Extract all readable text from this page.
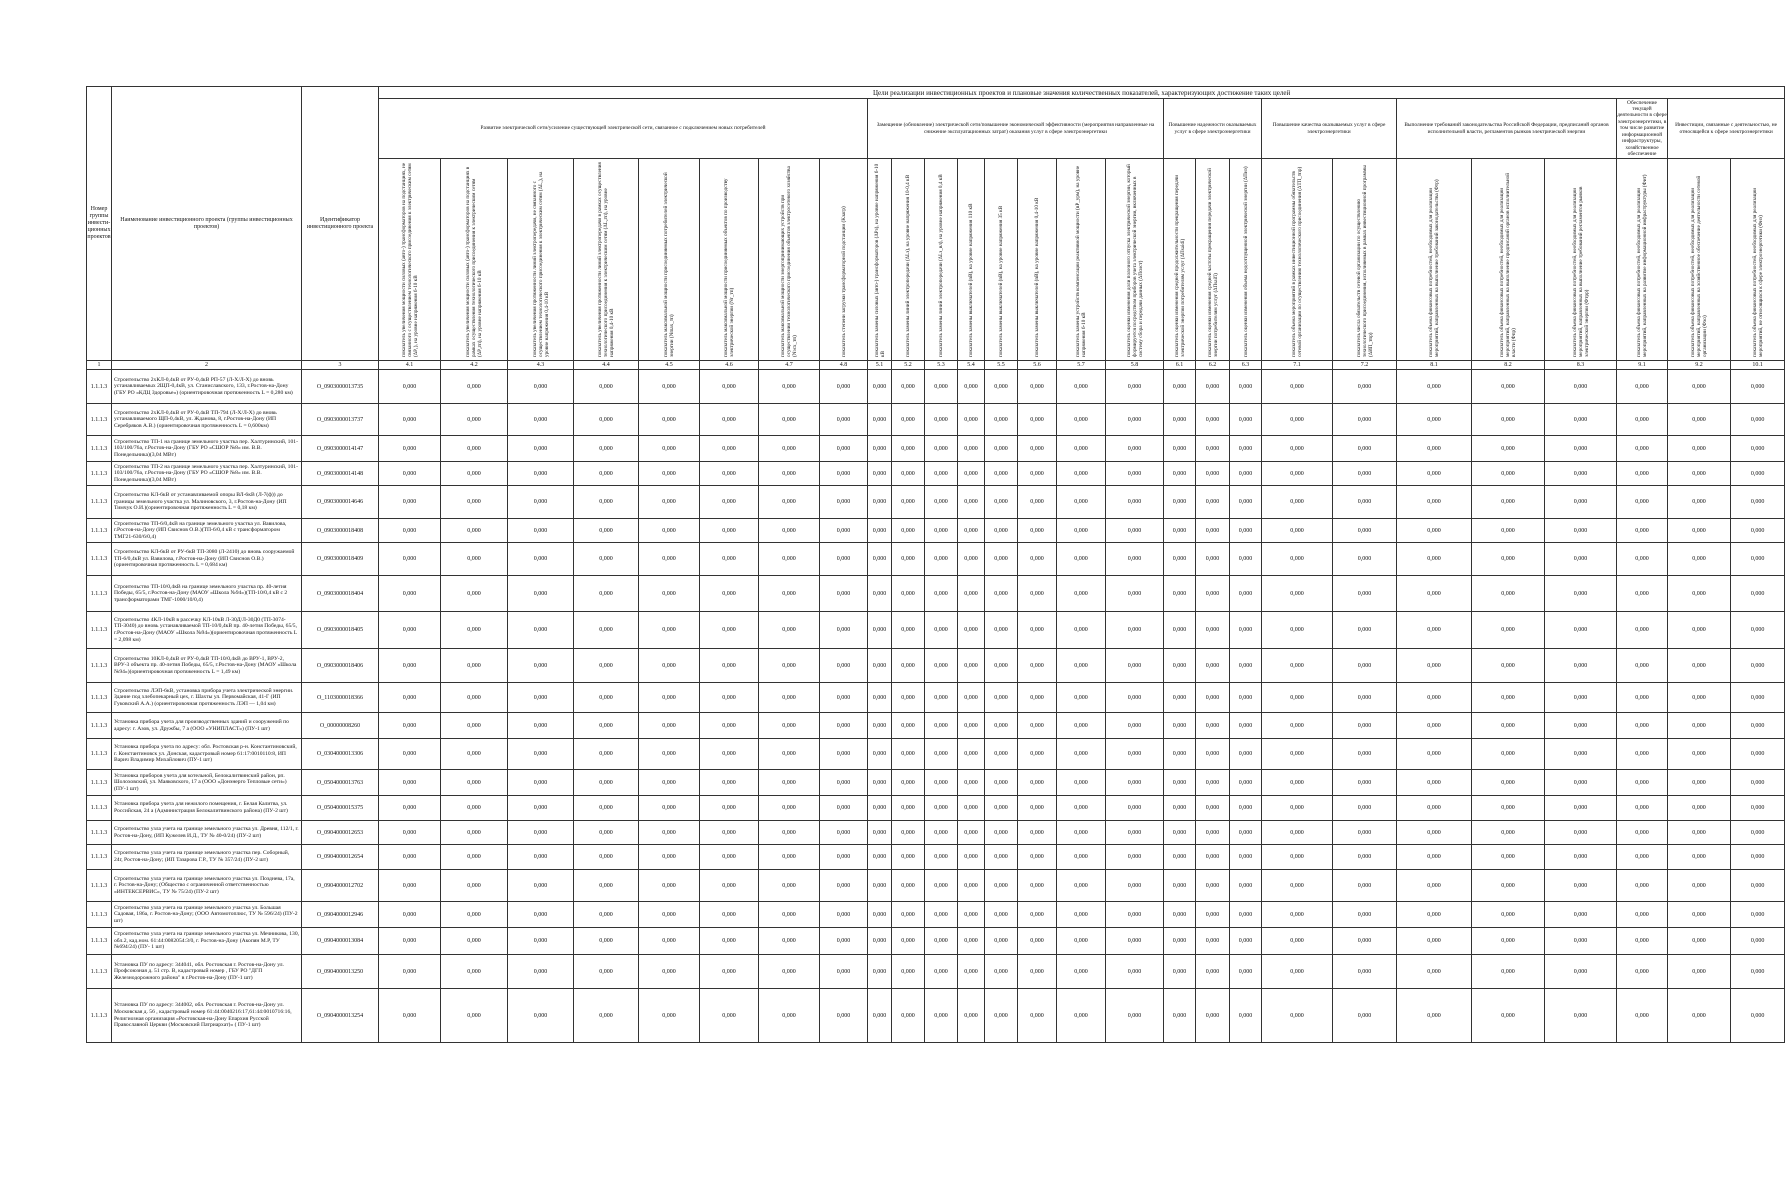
Номер группы инвести-ционных проектов	Наименование инвестиционного проекта (группы инвестиционных проектов)	Идентификатор инвестиционного проекта	Цели реализации инвестиционных проектов и плановые значения количественных показателей, характеризующих достижение таких целей																										
			Развитие электрической сети/усиление существующей электрической сети, связанное с подключением новых потребителей								Замещение (обновление) электрической сети/повышение экономической эффективности (мероприятия направленные на снижение эксплуатационных затрат) оказания услуг в сфере электроэнергетики								Повышение надежности оказываемых услуг в сфере электроэнергетики			Повышение качества оказываемых услуг в сфере электроэнергетики		Выполнение требований законодательства Российской Федерации, предписаний органов исполнительной власти, регламентов рынков электрической энергии			Обеспечение текущей деятельности в сфере электроэнергетики, в том числе развитие информационной инфраструктуры, хозяйственное обеспечение	Инвестиции, связанные с деятельностью, не относящейся к сфере электроэнергетики	

			показатель увеличения мощности силовых (авто-) трансформаторов на подстанциях, не связанного с осуществлением технологического присоединения к электрическим сетям (ΔP₁), на уровне напряжения 6-10 кВ	показатель увеличения мощности силовых (авто-) трансформаторов на подстанциях в рамках осуществления технологического присоединения к электрическим сетям (ΔP₂тп), на уровне напряжения 6-10 кВ	показатель увеличения протяженности линий электропередачи, не связанного с осуществлением технологического присоединения к электрическим сетям (ΔL₁), на уровне напряжения 0,4-10 кВ	показатель увеличения протяженности линий электропередачи в рамках осуществления технологического присоединения к электрическим сетям (ΔL₂тп), на уровне напряжения 0,4-10 кВ	показатель максимальной мощности присоединяемых потребителей электрической энергии (Nmax_тп)	показатель максимальной мощности присоединяемых объектов по производству электрической энергии (Nг_тп)	показатель максимальной мощности энергопринимающих устройств при осуществлении технологического присоединения объектов электросетевого хозяйства (Nэсх_тп)	показатель степени загрузки трансформаторной подстанции (Kзагр)	показатель замены силовых (авто-) трансформаторов (ΔPз), на уровне напряжения 6-10 кВ	показатель замены линий электропередачи (ΔLз), на уровне напряжения 10-0,4 кВ	показатель замены линий электропередачи (ΔLз_вл), на уровне напряжения 0,4 кВ	показатель замены выключателей (nВ), на уровне напряжения 110 кВ	показатель замены выключателей (nВ), на уровне напряжения 35 кВ	показатель замены выключателей (nВ), на уровне напряжения 0,4-10 кВ	показатель замены устройств компенсации реактивной мощности (nР_урм), на уровне напряжения 6-10 кВ	показатель оценки изменения доли полезного отпуска электрической энергии, который формируется посредством приборов учета электрической энергии, включенных в систему сбора и передачи данных (ΔПсист)	показатель оценки изменения средней продолжительности прекращения передачи электрической энергии потребителям услуг (ΔПsaidi)	показатель оценки изменения средней частоты прекращения передачи электрической энергии потребителям услуг (ΔПsaifi)	показатель оценки изменения объема недоотпущенной электрической энергии (ΔПнэ)	показатель объема мероприятий в рамках инвестиционной программы обязательств сетевой организации по осуществлению технологического присоединения (ΔТП_тпр)	показатель числа обязательств сетевой организации по осуществлению технологического присоединения, исполняемых в рамках инвестиционной программы (ΔИП_тпр)	показатель объема финансовых потребностей, необходимых для реализации мероприятий, направленных на выполнение требований законодательства (Фтр)	показатель объема финансовых потребностей, необходимых для реализации мероприятий, направленных на выполнение предписаний органов исполнительной власти (Фпр)	показатель объема финансовых потребностей, необходимых для реализации мероприятий, направленных на выполнение требований регламентов рынков электрической энергии (Фтрр)	показатель объема финансовых потребностей, необходимых для реализации мероприятий, направленных на развитие информационной инфраструктуры (Фит)	показатель объема финансовых потребностей, необходимых для реализации мероприятий, направленных на хозяйственное обеспечение деятельности сетевой организации (Фхо)	показатель объема финансовых потребностей, необходимых для реализации мероприятий, не относящихся к сфере электроэнергетики (Фнэ)

1	2	3	4.1	4.2	4.3	4.4	4.5	4.6	4.7	4.8	5.1	5.2	5.3	5.4	5.5	5.6	5.7	5.8	6.1	6.2	6.3	7.1	7.2	8.1	8.2	8.3	9.1	9.2	10.1
1.1.1.3	Строительство 2хКЛ-0,4кВ от РУ-0,4кВ РП-57 (Л-Х/Л-Х) до вновь устанавливаемых 2ЩП-0,4кВ, ул. Станиславского, 133, г.Ростов-на-Дону (ГБУ РО «КДЦ Здоровье») (ориентировочная протяженность L = 0,280 км)	О_0903000013735	0,000	0,000	0,000	0,000	0,000	0,000	0,000	0,000	0,000	0,000	0,000	0,000	0,000	0,000	0,000	0,000	0,000	0,000	0,000	0,000	0,000	0,000	0,000	0,000	0,000	0,000	0,000
1.1.1.3	Строительство 2хКЛ-0,4кВ от РУ-0,4кВ ТП-794 (Л-Х/Л-Х) до вновь устанавливаемого ЩП-0,4кВ, ул. Жданова, 8, г.Ростов-на-Дону (ИП Серебряков А.В.) (ориентировочная протяженность L = 0,600км)	О_0903000013737	0,000	0,000	0,000	0,000	0,000	0,000	0,000	0,000	0,000	0,000	0,000	0,000	0,000	0,000	0,000	0,000	0,000	0,000	0,000	0,000	0,000	0,000	0,000	0,000	0,000	0,000	0,000
1.1.1.3	Строительство ТП-1 на границе земельного участка пер. Халтуринский, 101-103/100/76а, г.Ростов-на-Дону (ГБУ РО «СШОР №8» им. В.В. Понедельника)(3,04 МВт)	О_0903000014147	0,000	0,000	0,000	0,000	0,000	0,000	0,000	0,000	0,000	0,000	0,000	0,000	0,000	0,000	0,000	0,000	0,000	0,000	0,000	0,000	0,000	0,000	0,000	0,000	0,000	0,000	0,000
1.1.1.3	Строительство ТП-2 на границе земельного участка пер. Халтуринский, 101-103/100/76а, г.Ростов-на-Дону (ГБУ РО «СШОР №8» им. В.В. Понедельника)(3,04 МВт)	О_0903000014148	0,000	0,000	0,000	0,000	0,000	0,000	0,000	0,000	0,000	0,000	0,000	0,000	0,000	0,000	0,000	0,000	0,000	0,000	0,000	0,000	0,000	0,000	0,000	0,000	0,000	0,000	0,000
1.1.1.3	Строительство КЛ-6кВ от устанавливаемой опоры ВЛ-6кВ (Л-7(ф)) до границы земельного участка ул. Малиновского, 3, г.Ростов-на-Дону (ИП Тимчук О.И.)(ориентировочная протяженность L = 0,18 км)	О_0903000014646	0,000	0,000	0,000	0,000	0,000	0,000	0,000	0,000	0,000	0,000	0,000	0,000	0,000	0,000	0,000	0,000	0,000	0,000	0,000	0,000	0,000	0,000	0,000	0,000	0,000	0,000	0,000
1.1.1.3	Строительство ТП-6/0,4кВ на границе земельного участка ул. Вавилова, г.Ростов-на-Дону (ИП Свиснов О.В.)(ТП-6/0,4 кВ с трансформатором ТМГ21-630/6/0,4)	О_0903000018408	0,000	0,000	0,000	0,000	0,000	0,000	0,000	0,000	0,000	0,000	0,000	0,000	0,000	0,000	0,000	0,000	0,000	0,000	0,000	0,000	0,000	0,000	0,000	0,000	0,000	0,000	0,000
1.1.1.3	Строительство КЛ-6кВ от РУ-6кВ ТП-3080 (Л-2410) до вновь сооружаемой ТП-6/0,4кВ ул. Вавилова, г.Ростов-на-Дону (ИП Свиснов О.В.)(ориентировочная протяженность L = 0,684 км)	О_0903000018409	0,000	0,000	0,000	0,000	0,000	0,000	0,000	0,000	0,000	0,000	0,000	0,000	0,000	0,000	0,000	0,000	0,000	0,000	0,000	0,000	0,000	0,000	0,000	0,000	0,000	0,000	0,000
1.1.1.3	Строительство ТП-10/0,4кВ на границе земельного участка пр. 40-летия Победы, 65/5, г.Ростов-на-Дону (МАОУ «Школа №94»)(ТП-10/0,4 кВ с 2 трансформаторами ТМГ-1000/10/0,4)	О_0903000018404	0,000	0,000	0,000	0,000	0,000	0,000	0,000	0,000	0,000	0,000	0,000	0,000	0,000	0,000	0,000	0,000	0,000	0,000	0,000	0,000	0,000	0,000	0,000	0,000	0,000	0,000	0,000
1.1.1.3	Строительство 4КЛ-10кВ в рассечку КЛ-10кВ Л-30Д/Л-30Д0 (ТП-3074-ТП-3040) до вновь устанавливаемой ТП-10/0,4кВ пр. 40-летия Победы, 65/5, г.Ростов-на-Дону (МАОУ «Школа №94»)(ориентировочная протяженность L = 2,098 км)	О_0903000018405	0,000	0,000	0,000	0,000	0,000	0,000	0,000	0,000	0,000	0,000	0,000	0,000	0,000	0,000	0,000	0,000	0,000	0,000	0,000	0,000	0,000	0,000	0,000	0,000	0,000	0,000	0,000
1.1.1.3	Строительство 10КЛ-0,4кВ от РУ-0,4кВ ТП-10/0,4кВ до ВРУ-1, ВРУ-2, ВРУ-3 объекта пр. 40-летия Победы, 65/5, г.Ростов-на-Дону (МАОУ «Школа №94»)(ориентировочная протяженность L = 1,49 км)	О_0903000018406	0,000	0,000	0,000	0,000	0,000	0,000	0,000	0,000	0,000	0,000	0,000	0,000	0,000	0,000	0,000	0,000	0,000	0,000	0,000	0,000	0,000	0,000	0,000	0,000	0,000	0,000	0,000
1.1.1.3	Строительство ЛЭП-6кВ, установка прибора учета электрической энергии. Здание под хлебопекарный цех, г. Шахты ул. Первомайская, 41-Г (ИП Гуковский А.А.) (ориентировочная протяженность ЛЭП — 1,04 км)	О_1103000018366	0,000	0,000	0,000	0,000	0,000	0,000	0,000	0,000	0,000	0,000	0,000	0,000	0,000	0,000	0,000	0,000	0,000	0,000	0,000	0,000	0,000	0,000	0,000	0,000	0,000	0,000	0,000
1.1.1.3	Установка прибора учета для производственных зданий и сооружений по адресу: г. Азов, ул. Дружбы, 7 а (ООО «УНИПЛАСТ») (ПУ-1 шт)	О_00000008260	0,000	0,000	0,000	0,000	0,000	0,000	0,000	0,000	0,000	0,000	0,000	0,000	0,000	0,000	0,000	0,000	0,000	0,000	0,000	0,000	0,000	0,000	0,000	0,000	0,000	0,000	0,000
1.1.1.3	Установка прибора учета по адресу: обл. Ростовская р-н. Константиновский, г. Константиновск ул. Донская, кадастровый номер 61:17:0010110:8, ИП Варич Владимир Михайлович (ПУ-1 шт)	О_0304000013306	0,000	0,000	0,000	0,000	0,000	0,000	0,000	0,000	0,000	0,000	0,000	0,000	0,000	0,000	0,000	0,000	0,000	0,000	0,000	0,000	0,000	0,000	0,000	0,000	0,000	0,000	0,000
1.1.1.3	Установка приборов учета для котельной, Белокалитвинский район, рп. Шолоховский, ул. Маяковского, 17 а (ООО «Донэнерго Тепловые сети») (ПУ-1 шт)	О_0504000013763	0,000	0,000	0,000	0,000	0,000	0,000	0,000	0,000	0,000	0,000	0,000	0,000	0,000	0,000	0,000	0,000	0,000	0,000	0,000	0,000	0,000	0,000	0,000	0,000	0,000	0,000	0,000
1.1.1.3	Установка прибора учета для нежилого помещения, г. Белая Калитва, ул. Российская, 24 а (Администрация Белокалитвинского района) (ПУ-2 шт)	О_0504000015375	0,000	0,000	0,000	0,000	0,000	0,000	0,000	0,000	0,000	0,000	0,000	0,000	0,000	0,000	0,000	0,000	0,000	0,000	0,000	0,000	0,000	0,000	0,000	0,000	0,000	0,000	0,000
1.1.1.3	Строительство узла учета на границе земельного участка ул. Древня, 112/1, г. Ростов-на-Дону, (ИП Кужелев И.Д., ТУ № 40-0/24) (ПУ-2 шт)	О_0904000012653	0,000	0,000	0,000	0,000	0,000	0,000	0,000	0,000	0,000	0,000	0,000	0,000	0,000	0,000	0,000	0,000	0,000	0,000	0,000	0,000	0,000	0,000	0,000	0,000	0,000	0,000	0,000
1.1.1.3	Строительство узла учета на границе земельного участка пер. Соборный, 24г, Ростов-на-Дону; (ИП Тазарова Г.Р., ТУ № 357/24) (ПУ-2 шт)	О_0904000012654	0,000	0,000	0,000	0,000	0,000	0,000	0,000	0,000	0,000	0,000	0,000	0,000	0,000	0,000	0,000	0,000	0,000	0,000	0,000	0,000	0,000	0,000	0,000	0,000	0,000	0,000	0,000
1.1.1.3	Строительство узла учета на границе земельного участка ул. Позднева, 17а, г. Ростов-на-Дону; (Общество с ограниченной ответственностью «ИНТЕКСЕРВИС», ТУ № 75/24) (ПУ-2 шт)	О_0904000012702	0,000	0,000	0,000	0,000	0,000	0,000	0,000	0,000	0,000	0,000	0,000	0,000	0,000	0,000	0,000	0,000	0,000	0,000	0,000	0,000	0,000	0,000	0,000	0,000	0,000	0,000	0,000
1.1.1.3	Строительство узла учета на границе земельного участка ул. Большая Садовая, 186а, г. Ростов-на-Дону; (ООО Автомотоплюс, ТУ № 596/24) (ПУ-2 шт)	О_0904000012946	0,000	0,000	0,000	0,000	0,000	0,000	0,000	0,000	0,000	0,000	0,000	0,000	0,000	0,000	0,000	0,000	0,000	0,000	0,000	0,000	0,000	0,000	0,000	0,000	0,000	0,000	0,000
1.1.1.3	Строительство узла учета на границе земельного участка ул. Мечникова, 130, обл.2, кад.ном. 61:44:0082054:3/0, г. Ростов-на-Дону (Акопян М.Р, ТУ №694/24) (ПУ- 1 шт)	О_0904000013084	0,000	0,000	0,000	0,000	0,000	0,000	0,000	0,000	0,000	0,000	0,000	0,000	0,000	0,000	0,000	0,000	0,000	0,000	0,000	0,000	0,000	0,000	0,000	0,000	0,000	0,000	0,000
1.1.1.3	Установка ПУ по адресу: 344041, обл. Ростовская г. Ростов-на-Дону ул. Профсоюзная д. 51 стр. В, кадастровый номер , ГБУ РО "ДГП Железнодорожного района" в г.Ростов-на-Дону (ПУ-1 шт)	О_0904000013250	0,000	0,000	0,000	0,000	0,000	0,000	0,000	0,000	0,000	0,000	0,000	0,000	0,000	0,000	0,000	0,000	0,000	0,000	0,000	0,000	0,000	0,000	0,000	0,000	0,000	0,000	0,000
1.1.1.3	Установка ПУ по адресу: 344002, обл. Ростовская г. Ростов-на-Дону ул. Московская д. 56 , кадастровый номер 61:44:0040216:17,61:44:0010716:16, Религиозная организация «Ростовская-на-Дону Епархия Русской Православной Церкви (Московский Патриархат)» ( ПУ-1 шт)	О_0904000013254	0,000	0,000	0,000	0,000	0,000	0,000	0,000	0,000	0,000	0,000	0,000	0,000	0,000	0,000	0,000	0,000	0,000	0,000	0,000	0,000	0,000	0,000	0,000	0,000	0,000	0,000	0,000
